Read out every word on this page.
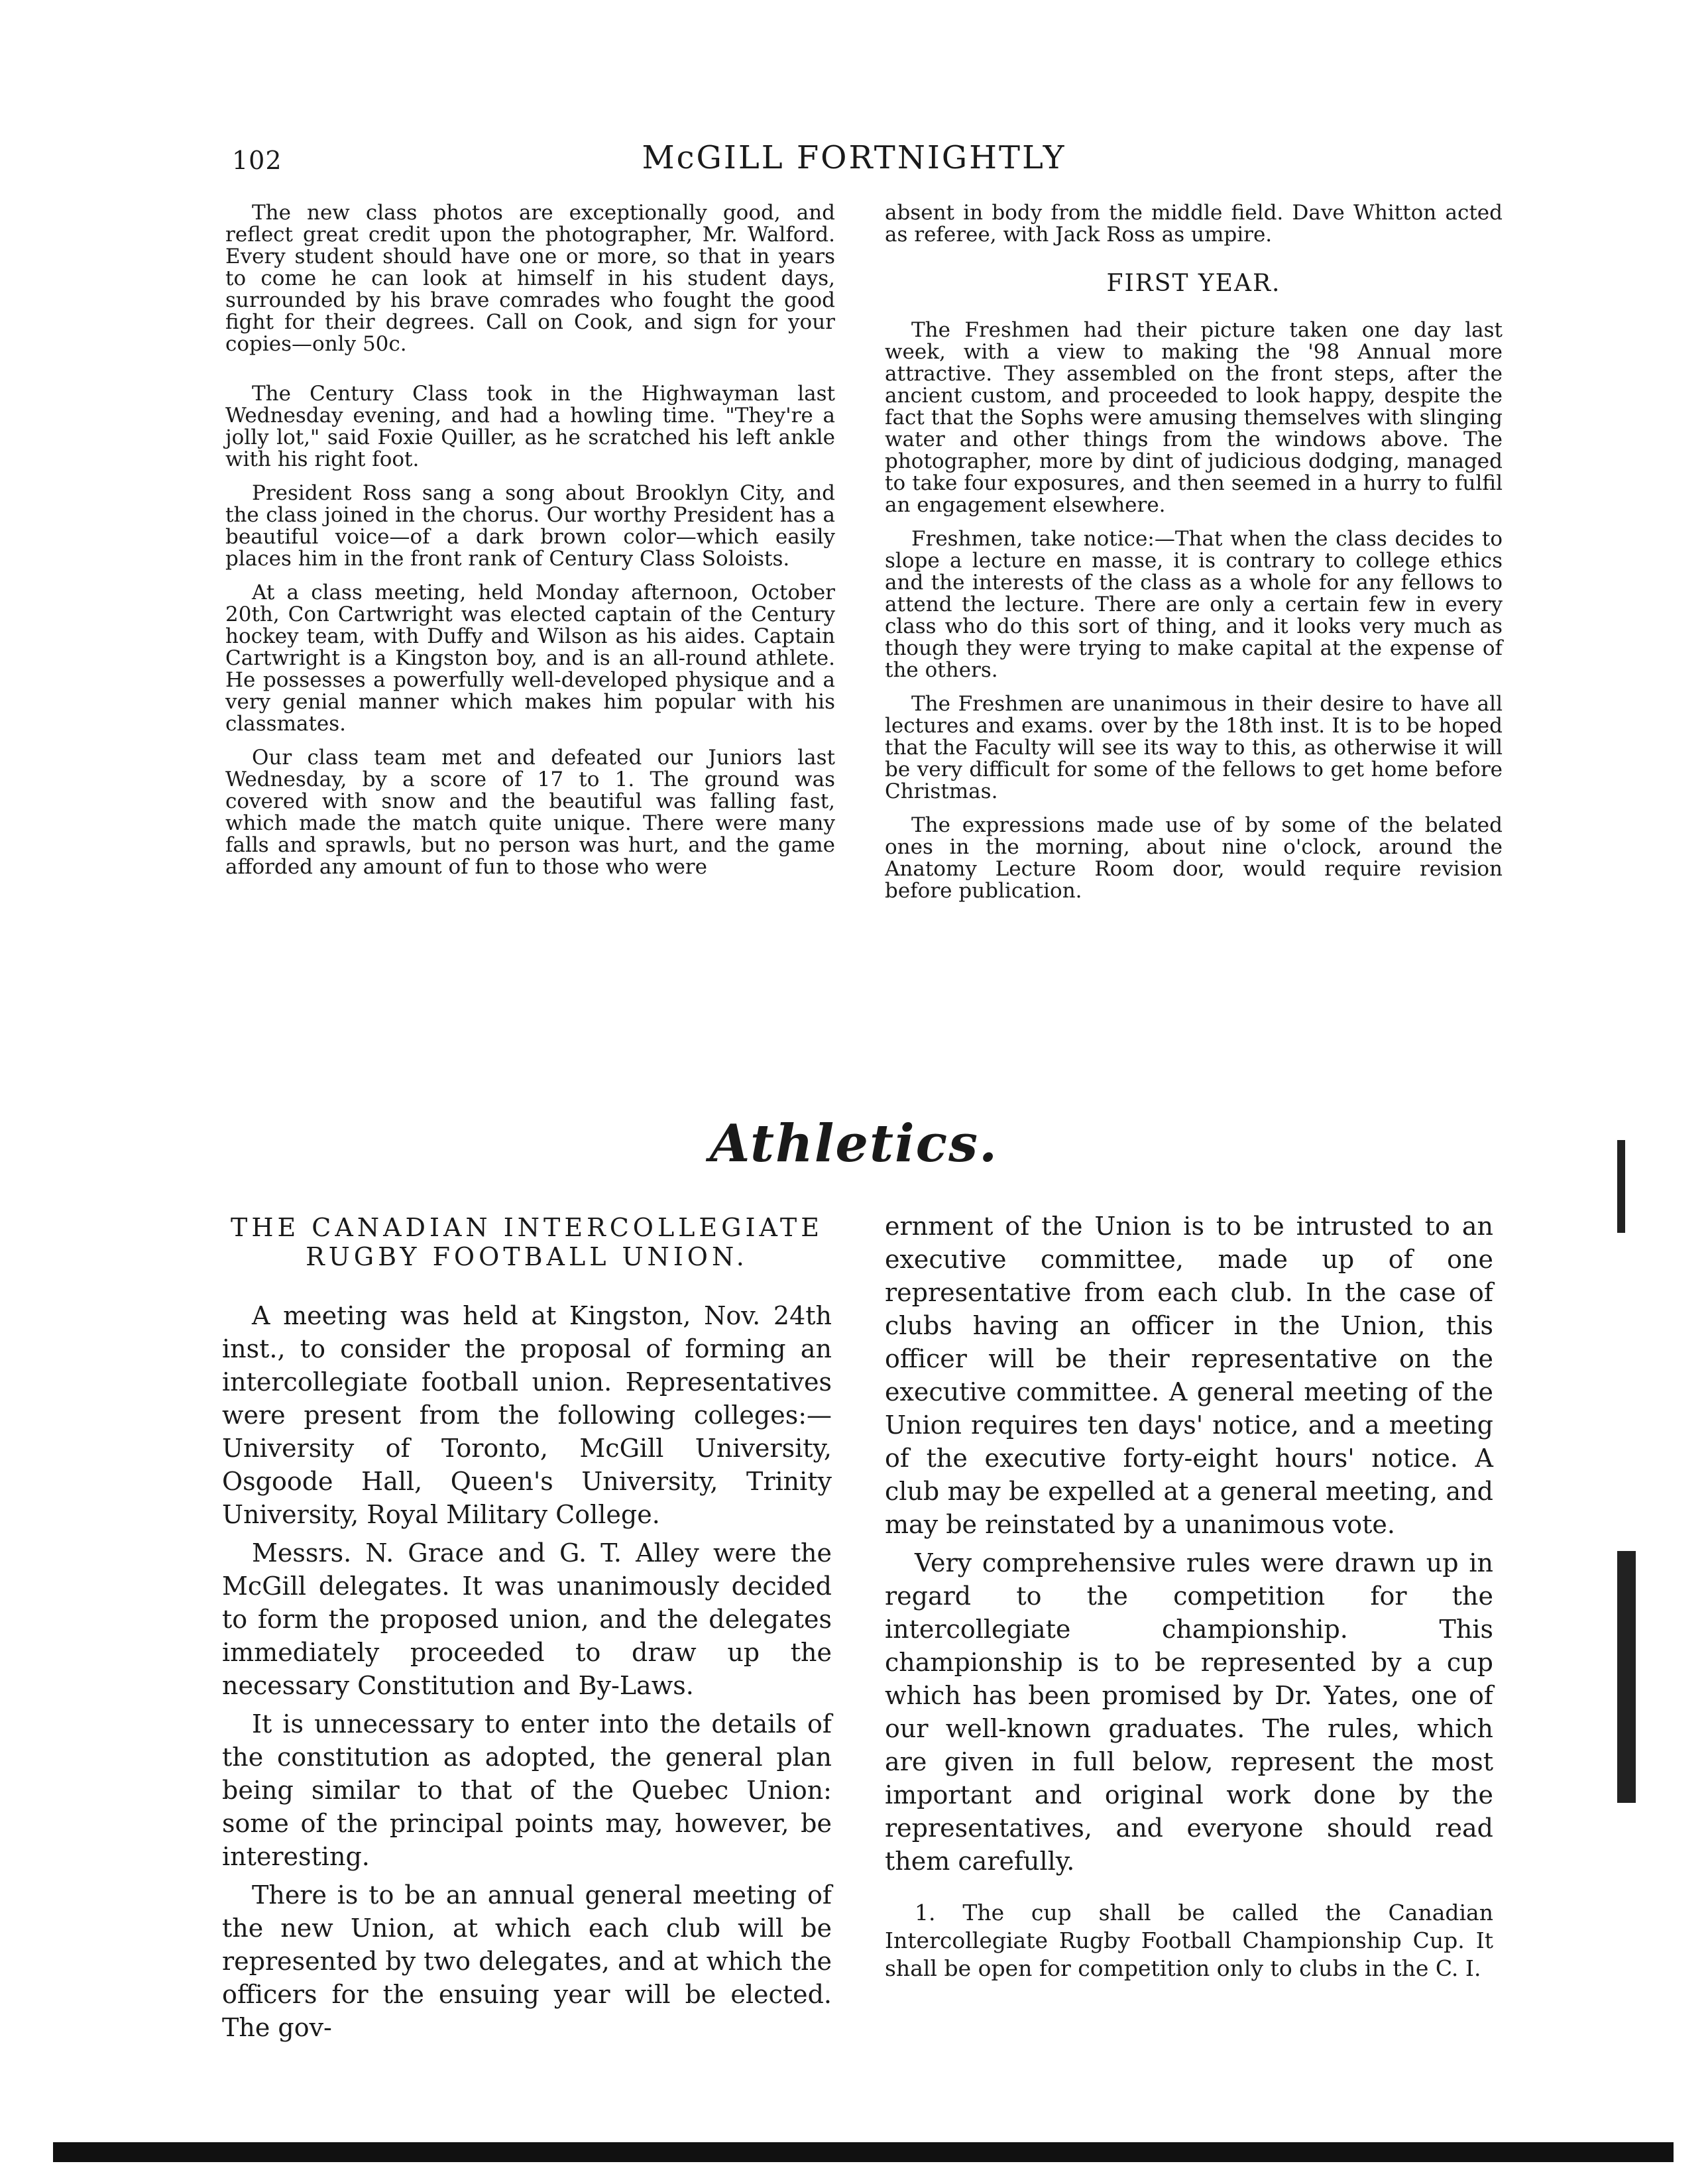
102	McGILL FORTNIGHTLY

The new class photos are exceptionally good, and reflect great credit upon the photographer, Mr. Walford. Every student should have one or more, so that in years to come he can look at himself in his student days, surrounded by his brave comrades who fought the good fight for their degrees. Call on Cook, and sign for your copies—only 50c.

The Century Class took in the Highwayman last Wednesday evening, and had a howling time. "They're a jolly lot," said Foxie Quiller, as he scratched his left ankle with his right foot.

President Ross sang a song about Brooklyn City, and the class joined in the chorus. Our worthy President has a beautiful voice—of a dark brown color—which easily places him in the front rank of Century Class Soloists.

At a class meeting, held Monday afternoon, October 20th, Con Cartwright was elected captain of the Century hockey team, with Duffy and Wilson as his aides. Captain Cartwright is a Kingston boy, and is an all-round athlete. He possesses a powerfully well-developed physique and a very genial manner which makes him popular with his classmates.

Our class team met and defeated our Juniors last Wednesday, by a score of 17 to 1. The ground was covered with snow and the beautiful was falling fast, which made the match quite unique. There were many falls and sprawls, but no person was hurt, and the game afforded any amount of fun to those who were

absent in body from the middle field. Dave Whitton acted as referee, with Jack Ross as umpire.

FIRST YEAR.

The Freshmen had their picture taken one day last week, with a view to making the '98 Annual more attractive. They assembled on the front steps, after the ancient custom, and proceeded to look happy, despite the fact that the Sophs were amusing themselves with slinging water and other things from the windows above. The photographer, more by dint of judicious dodging, managed to take four exposures, and then seemed in a hurry to fulfil an engagement elsewhere.

Freshmen, take notice:—That when the class decides to slope a lecture en masse, it is contrary to college ethics and the interests of the class as a whole for any fellows to attend the lecture. There are only a certain few in every class who do this sort of thing, and it looks very much as though they were trying to make capital at the expense of the others.

The Freshmen are unanimous in their desire to have all lectures and exams. over by the 18th inst. It is to be hoped that the Faculty will see its way to this, as otherwise it will be very difficult for some of the fellows to get home before Christmas.

The expressions made use of by some of the belated ones in the morning, about nine o'clock, around the Anatomy Lecture Room door, would require revision before publication.

Athletics.
THE CANADIAN INTERCOLLEGIATE
RUGBY FOOTBALL UNION.

A meeting was held at Kingston, Nov. 24th inst., to consider the proposal of forming an intercollegiate football union. Representatives were present from the following colleges:—University of Toronto, McGill University, Osgoode Hall, Queen's University, Trinity University, Royal Military College.

Messrs. N. Grace and G. T. Alley were the McGill delegates. It was unanimously decided to form the proposed union, and the delegates immediately proceeded to draw up the necessary Constitution and By-Laws.

It is unnecessary to enter into the details of the constitution as adopted, the general plan being similar to that of the Quebec Union: some of the principal points may, however, be interesting.

There is to be an annual general meeting of the new Union, at which each club will be represented by two delegates, and at which the officers for the ensuing year will be elected. The gov-

ernment of the Union is to be intrusted to an executive committee, made up of one representative from each club. In the case of clubs having an officer in the Union, this officer will be their representative on the executive committee. A general meeting of the Union requires ten days' notice, and a meeting of the executive forty-eight hours' notice. A club may be expelled at a general meeting, and may be reinstated by a unanimous vote.

Very comprehensive rules were drawn up in regard to the competition for the intercollegiate championship. This championship is to be represented by a cup which has been promised by Dr. Yates, one of our well-known graduates. The rules, which are given in full below, represent the most important and original work done by the representatives, and everyone should read them carefully.

1. The cup shall be called the Canadian Intercollegiate Rugby Football Championship Cup. It shall be open for competition only to clubs in the C. I.
